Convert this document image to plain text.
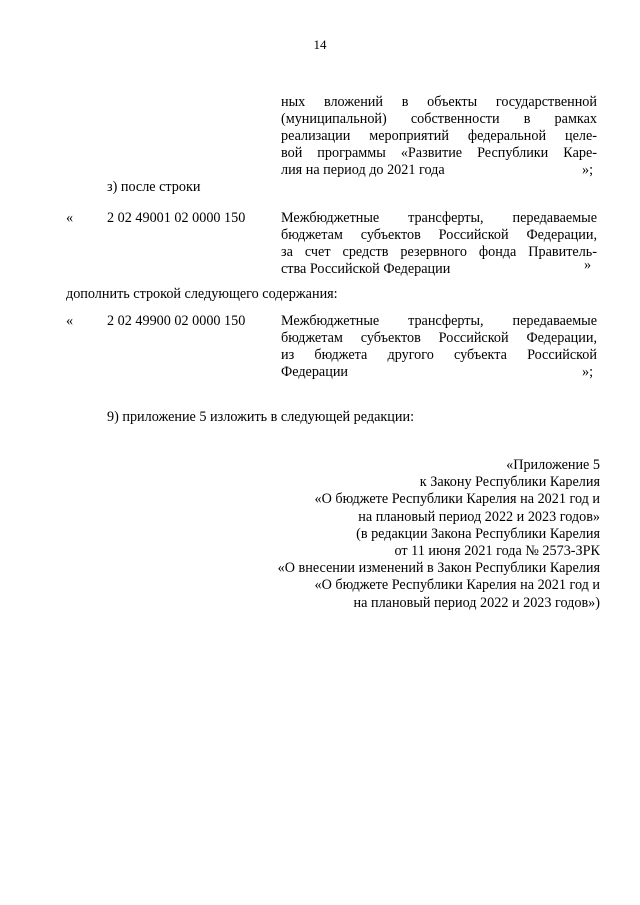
14
ных вложений в объекты государственной
(муниципальной) собственности в рамках
реализации мероприятий федеральной целе-
вой программы «Развитие Республики Каре-
лия на период до 2021 года	»;
з) после строки
« 2 02 49001 02 0000 150	Межбюджетные трансферты, передаваемые
бюджетам субъектов Российской Федерации,
за счет средств резервного фонда Правитель-
ства Российской Федерации	»
дополнить строкой следующего содержания:
« 2 02 49900 02 0000 150	Межбюджетные трансферты, передаваемые
бюджетам субъектов Российской Федерации,
из бюджета другого субъекта Российской
Федерации	»;
9) приложение 5 изложить в следующей редакции:
«Приложение 5
к Закону Республики Карелия
«О бюджете Республики Карелия на 2021 год и
на плановый период 2022 и 2023 годов»
(в редакции Закона Республики Карелия
от 11 июня 2021 года № 2573-ЗРК
«О внесении изменений в Закон Республики Карелия
«О бюджете Республики Карелия на 2021 год и
на плановый период 2022 и 2023 годов»)
